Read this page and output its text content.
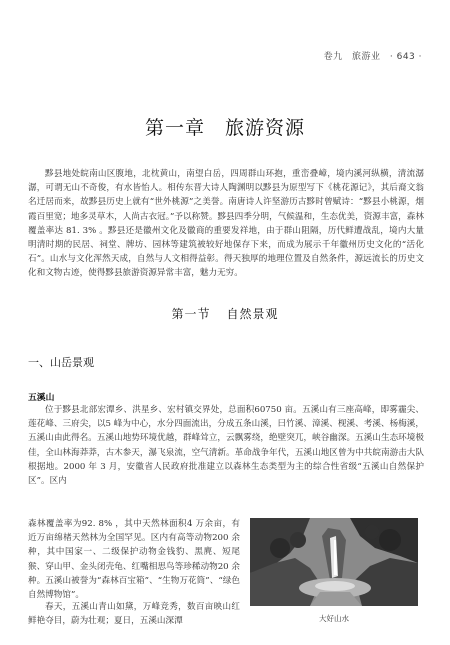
卷九 旅游业 · 643 ·
第一章 旅游资源

黟县地处皖南山区腹地，北枕黄山，南望白岳，四周群山环抱，重峦叠嶂，境内溪河纵横，清流潺潺，可谓无山不奇俊，有水皆怡人。相传东晋大诗人陶渊明以黟县为原型写下《桃花源记》，其后裔文翁名迁居而来，故黟县历史上就有“世外桃源”之美誉。南唐诗人许坚游历古黟时曾赋诗：“黟县小桃源，烟霞百里宽；地多灵草木，人尚古衣冠。”予以称赞。黟县四季分明，气候温和，生态优美，资源丰富，森林覆盖率达 81. 3% 。黟县还是徽州文化及徽商的重要发祥地，由于群山阻隔，历代鲜遭战乱，境内大量明清时期的民居、祠堂、牌坊、园林等建筑被较好地保存下来，而成为展示千年徽州历史文化的“活化石”。山水与文化浑然天成，自然与人文相得益彰。得天独厚的地理位置及自然条件，源远流长的历史文化和文物古迹，使得黟县旅游资源异常丰富，魅力无穷。

第一节 自然景观
一、山岳景观
五溪山

位于黟县北部宏潭乡、洪星乡、宏村镇交界处，总面积60750 亩。五溪山有三座高峰，即雾霾尖、莲花峰、三府尖，以5 峰为中心，水分四面流出，分成五条山溪，曰竹溪、漳溪、枧溪、考溪、杨梅溪，五溪山由此得名。五溪山地势环境优越，群峰耸立，云飘雾绕，绝壁突兀，峡谷幽深。五溪山生态环境极佳，全山林海莽莽，古木参天，瀑飞泉流，空气清新。革命战争年代，五溪山地区曾为中共皖南游击大队根据地。2000 年 3 月，安徽省人民政府批准建立以森林生态类型为主的综合性省级“五溪山自然保护区”。区内

森林覆盖率为92. 8% ，其中天然林面积4 万余亩，有近万亩绵楮天然林为全国罕见。区内有高等动物200 余种，其中国家一、二级保护动物金钱豹、黑麂、短尾猴、穿山甲、金头闭壳龟、红嘴相思鸟等珍稀动物20 余种。五溪山被誉为“森林百宝箱”、“生物万花筒”、“绿色自然博物馆”。

春天，五溪山青山如黛，万峰竞秀，数百亩映山红鲜艳夺目，蔚为壮观；夏日，五溪山深潭	大好山水
